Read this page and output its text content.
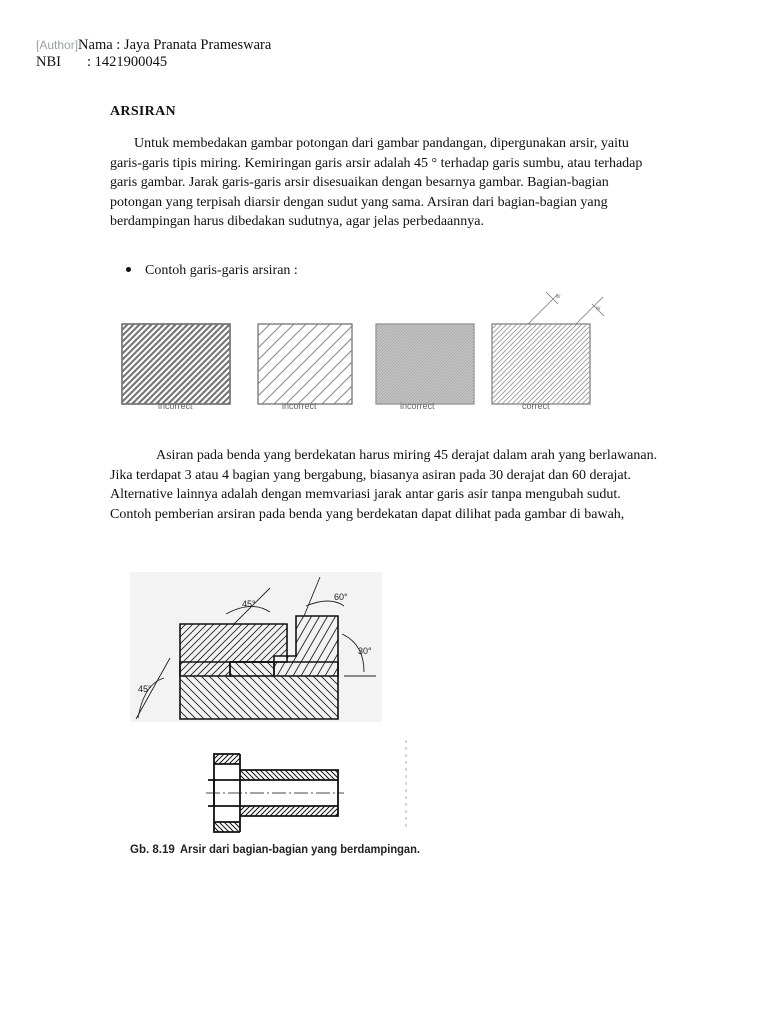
[Author]Nama : Jaya Pranata Prameswara
NBI : 1421900045
ARSIRAN
Untuk membedakan gambar potongan dari gambar pandangan, dipergunakan arsir, yaitu garis-garis tipis miring. Kemiringan garis arsir adalah 45 ° terhadap garis sumbu, atau terhadap garis gambar. Jarak garis-garis arsir disesuaikan dengan besarnya gambar. Bagian-bagian potongan yang terpisah diarsir dengan sudut yang sama. Arsiran dari bagian-bagian yang berdampingan harus dibedakan sudutnya, agar jelas perbedaannya.
Contoh garis-garis arsiran :
w
w
incorrect	incorrect	incorrect	correct
Asiran pada benda yang berdekatan harus miring 45 derajat dalam arah yang berlawanan. Jika terdapat 3 atau 4 bagian yang bergabung, biasanya asiran pada 30 derajat dan 60 derajat. Alternative lainnya adalah dengan memvariasi jarak antar garis asir tanpa mengubah sudut. Contoh pemberian arsiran pada benda yang berdekatan dapat dilihat pada gambar di bawah,
45°
60°
30°
45°
Gb. 8.19 Arsir dari bagian-bagian yang berdampingan.
